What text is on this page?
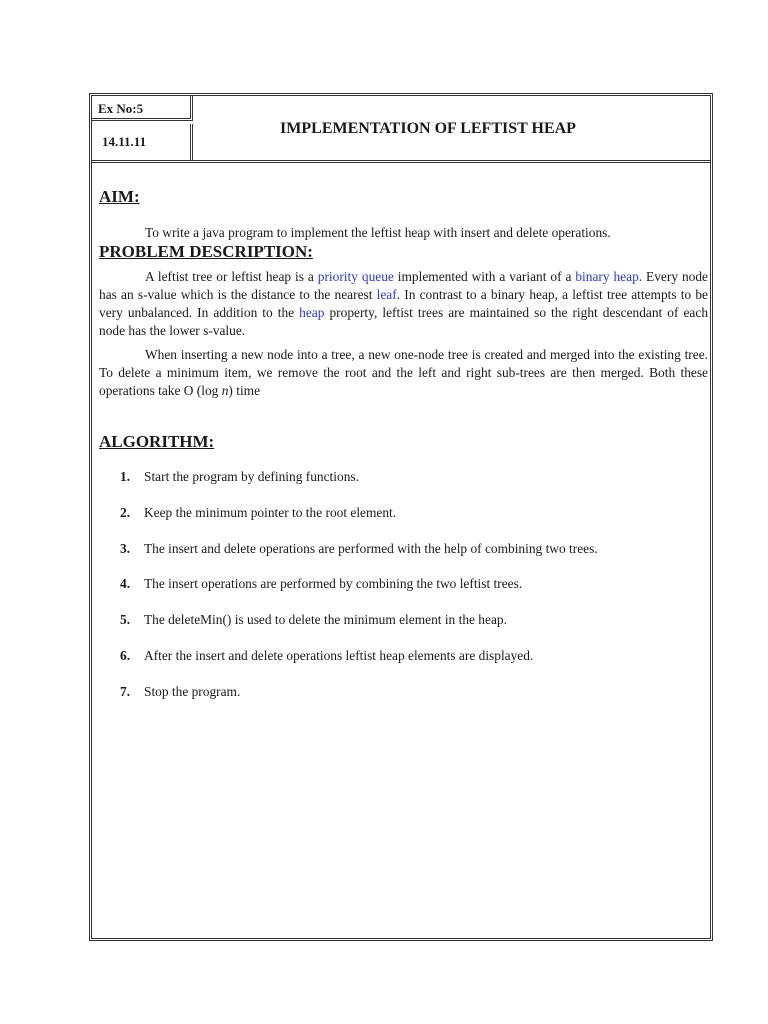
Ex No:5
14.11.11
IMPLEMENTATION OF LEFTIST HEAP
AIM:

To write a java program to implement the leftist heap with insert and delete operations.

PROBLEM DESCRIPTION:

A leftist tree or leftist heap is a priority queue implemented with a variant of a binary heap. Every node has an s-value which is the distance to the nearest leaf. In contrast to a binary heap, a leftist tree attempts to be very unbalanced. In addition to the heap property, leftist trees are maintained so the right descendant of each node has the lower s-value.

When inserting a new node into a tree, a new one-node tree is created and merged into the existing tree. To delete a minimum item, we remove the root and the left and right sub-trees are then merged. Both these operations take O (log n) time

ALGORITHM:
1. Start the program by defining functions.
2. Keep the minimum pointer to the root element.
3. The insert and delete operations are performed with the help of combining two trees.
4. The insert operations are performed by combining the two leftist trees.
5. The deleteMin() is used to delete the minimum element in the heap.
6. After the insert and delete operations leftist heap elements are displayed.
7. Stop the program.
